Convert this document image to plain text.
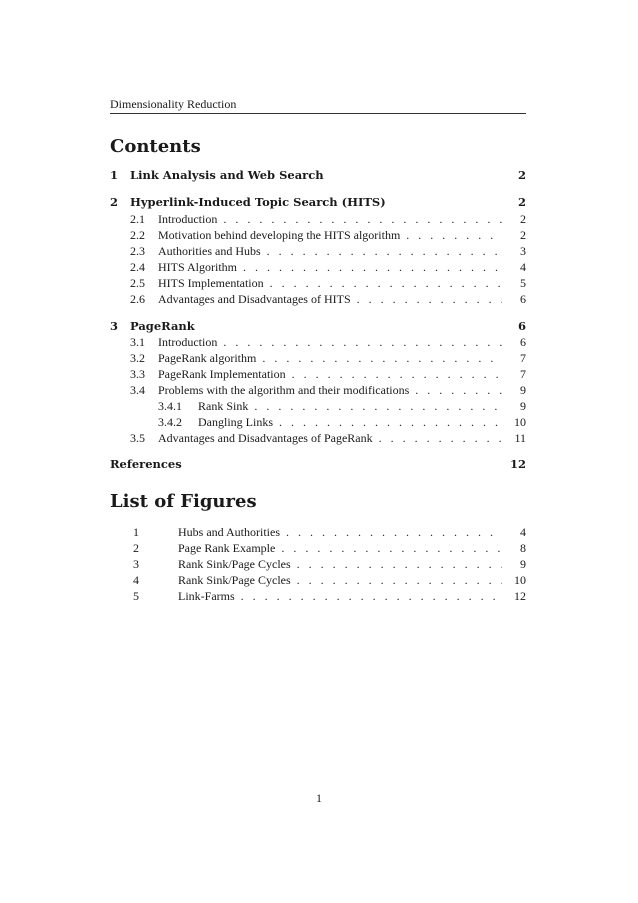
Dimensionality Reduction
Contents
1	Link Analysis and Web Search	2
2	Hyperlink-Induced Topic Search (HITS)	2
2.1	Introduction . . .	2
2.2	Motivation behind developing the HITS algorithm . . .	2
2.3	Authorities and Hubs . . .	3
2.4	HITS Algorithm . . .	4
2.5	HITS Implementation . . .	5
2.6	Advantages and Disadvantages of HITS . . .	6
3	PageRank	6
3.1	Introduction . . .	6
3.2	PageRank algorithm . . .	7
3.3	PageRank Implementation . . .	7
3.4	Problems with the algorithm and their modifications . . .	9
3.4.1	Rank Sink . . .	9
3.4.2	Dangling Links . . .	10
3.5	Advantages and Disadvantages of PageRank . . .	11
References	12
List of Figures
1	Hubs and Authorities . . .	4
2	Page Rank Example . . .	8
3	Rank Sink/Page Cycles . . .	9
4	Rank Sink/Page Cycles . . .	10
5	Link-Farms . . .	12
1
